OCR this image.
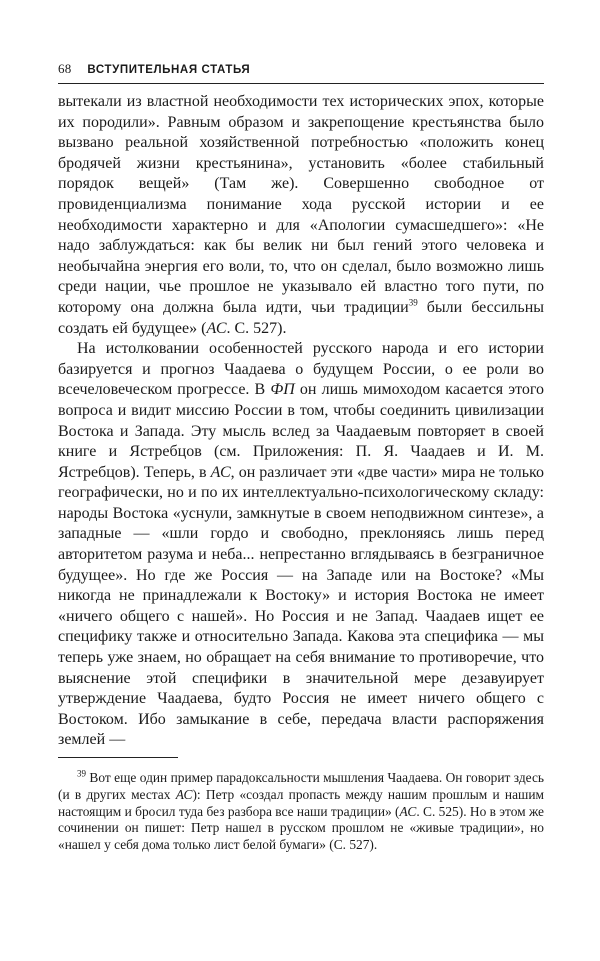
68 ВСТУПИТЕЛЬНАЯ СТАТЬЯ

вытекали из властной необходимости тех исторических эпох, которые их породили». Равным образом и закрепощение крестьянства было вызвано реальной хозяйственной потребностью «положить конец бродячей жизни крестьянина», установить «более стабильный порядок вещей» (Там же). Совершенно свободное от провиденциализма понимание хода русской истории и ее необходимости характерно и для «Апологии сумасшедшего»: «Не надо заблуждаться: как бы велик ни был гений этого человека и необычайна энергия его воли, то, что он сделал, было возможно лишь среди нации, чье прошлое не указывало ей властно того пути, по которому она должна была идти, чьи традиции$^{39}$ были бессильны создать ей будущее» (АС. С. 527).

На истолковании особенностей русского народа и его истории базируется и прогноз Чаадаева о будущем России, о ее роли во всечеловеческом прогрессе. В ФП он лишь мимоходом касается этого вопроса и видит миссию России в том, чтобы соединить цивилизации Востока и Запада. Эту мысль вслед за Чаадаевым повторяет в своей книге и Ястребцов (см. Приложения: П. Я. Чаадаев и И. М. Ястребцов). Теперь, в АС, он различает эти «две части» мира не только географически, но и по их интеллектуально-психологическому складу: народы Востока «уснули, замкнутые в своем неподвижном синтезе», а западные — «шли гордо и свободно, преклоняясь лишь перед авторитетом разума и неба... непрестанно вглядываясь в безграничное будущее». Но где же Россия — на Западе или на Востоке? «Мы никогда не принадлежали к Востоку» и история Востока не имеет «ничего общего с нашей». Но Россия и не Запад. Чаадаев ищет ее специфику также и относительно Запада. Какова эта специфика — мы теперь уже знаем, но обращает на себя внимание то противоречие, что выяснение этой специфики в значительной мере дезавуирует утверждение Чаадаева, будто Россия не имеет ничего общего с Востоком. Ибо замыкание в себе, передача власти распоряжения землей —

$^{39}$ Вот еще один пример парадоксальности мышления Чаадаева. Он говорит здесь (и в других местах АС): Петр «создал пропасть между нашим прошлым и нашим настоящим и бросил туда без разбора все наши традиции» (АС. С. 525). Но в этом же сочинении он пишет: Петр нашел в русском прошлом не «живые традиции», но «нашел у себя дома только лист белой бумаги» (С. 527).
